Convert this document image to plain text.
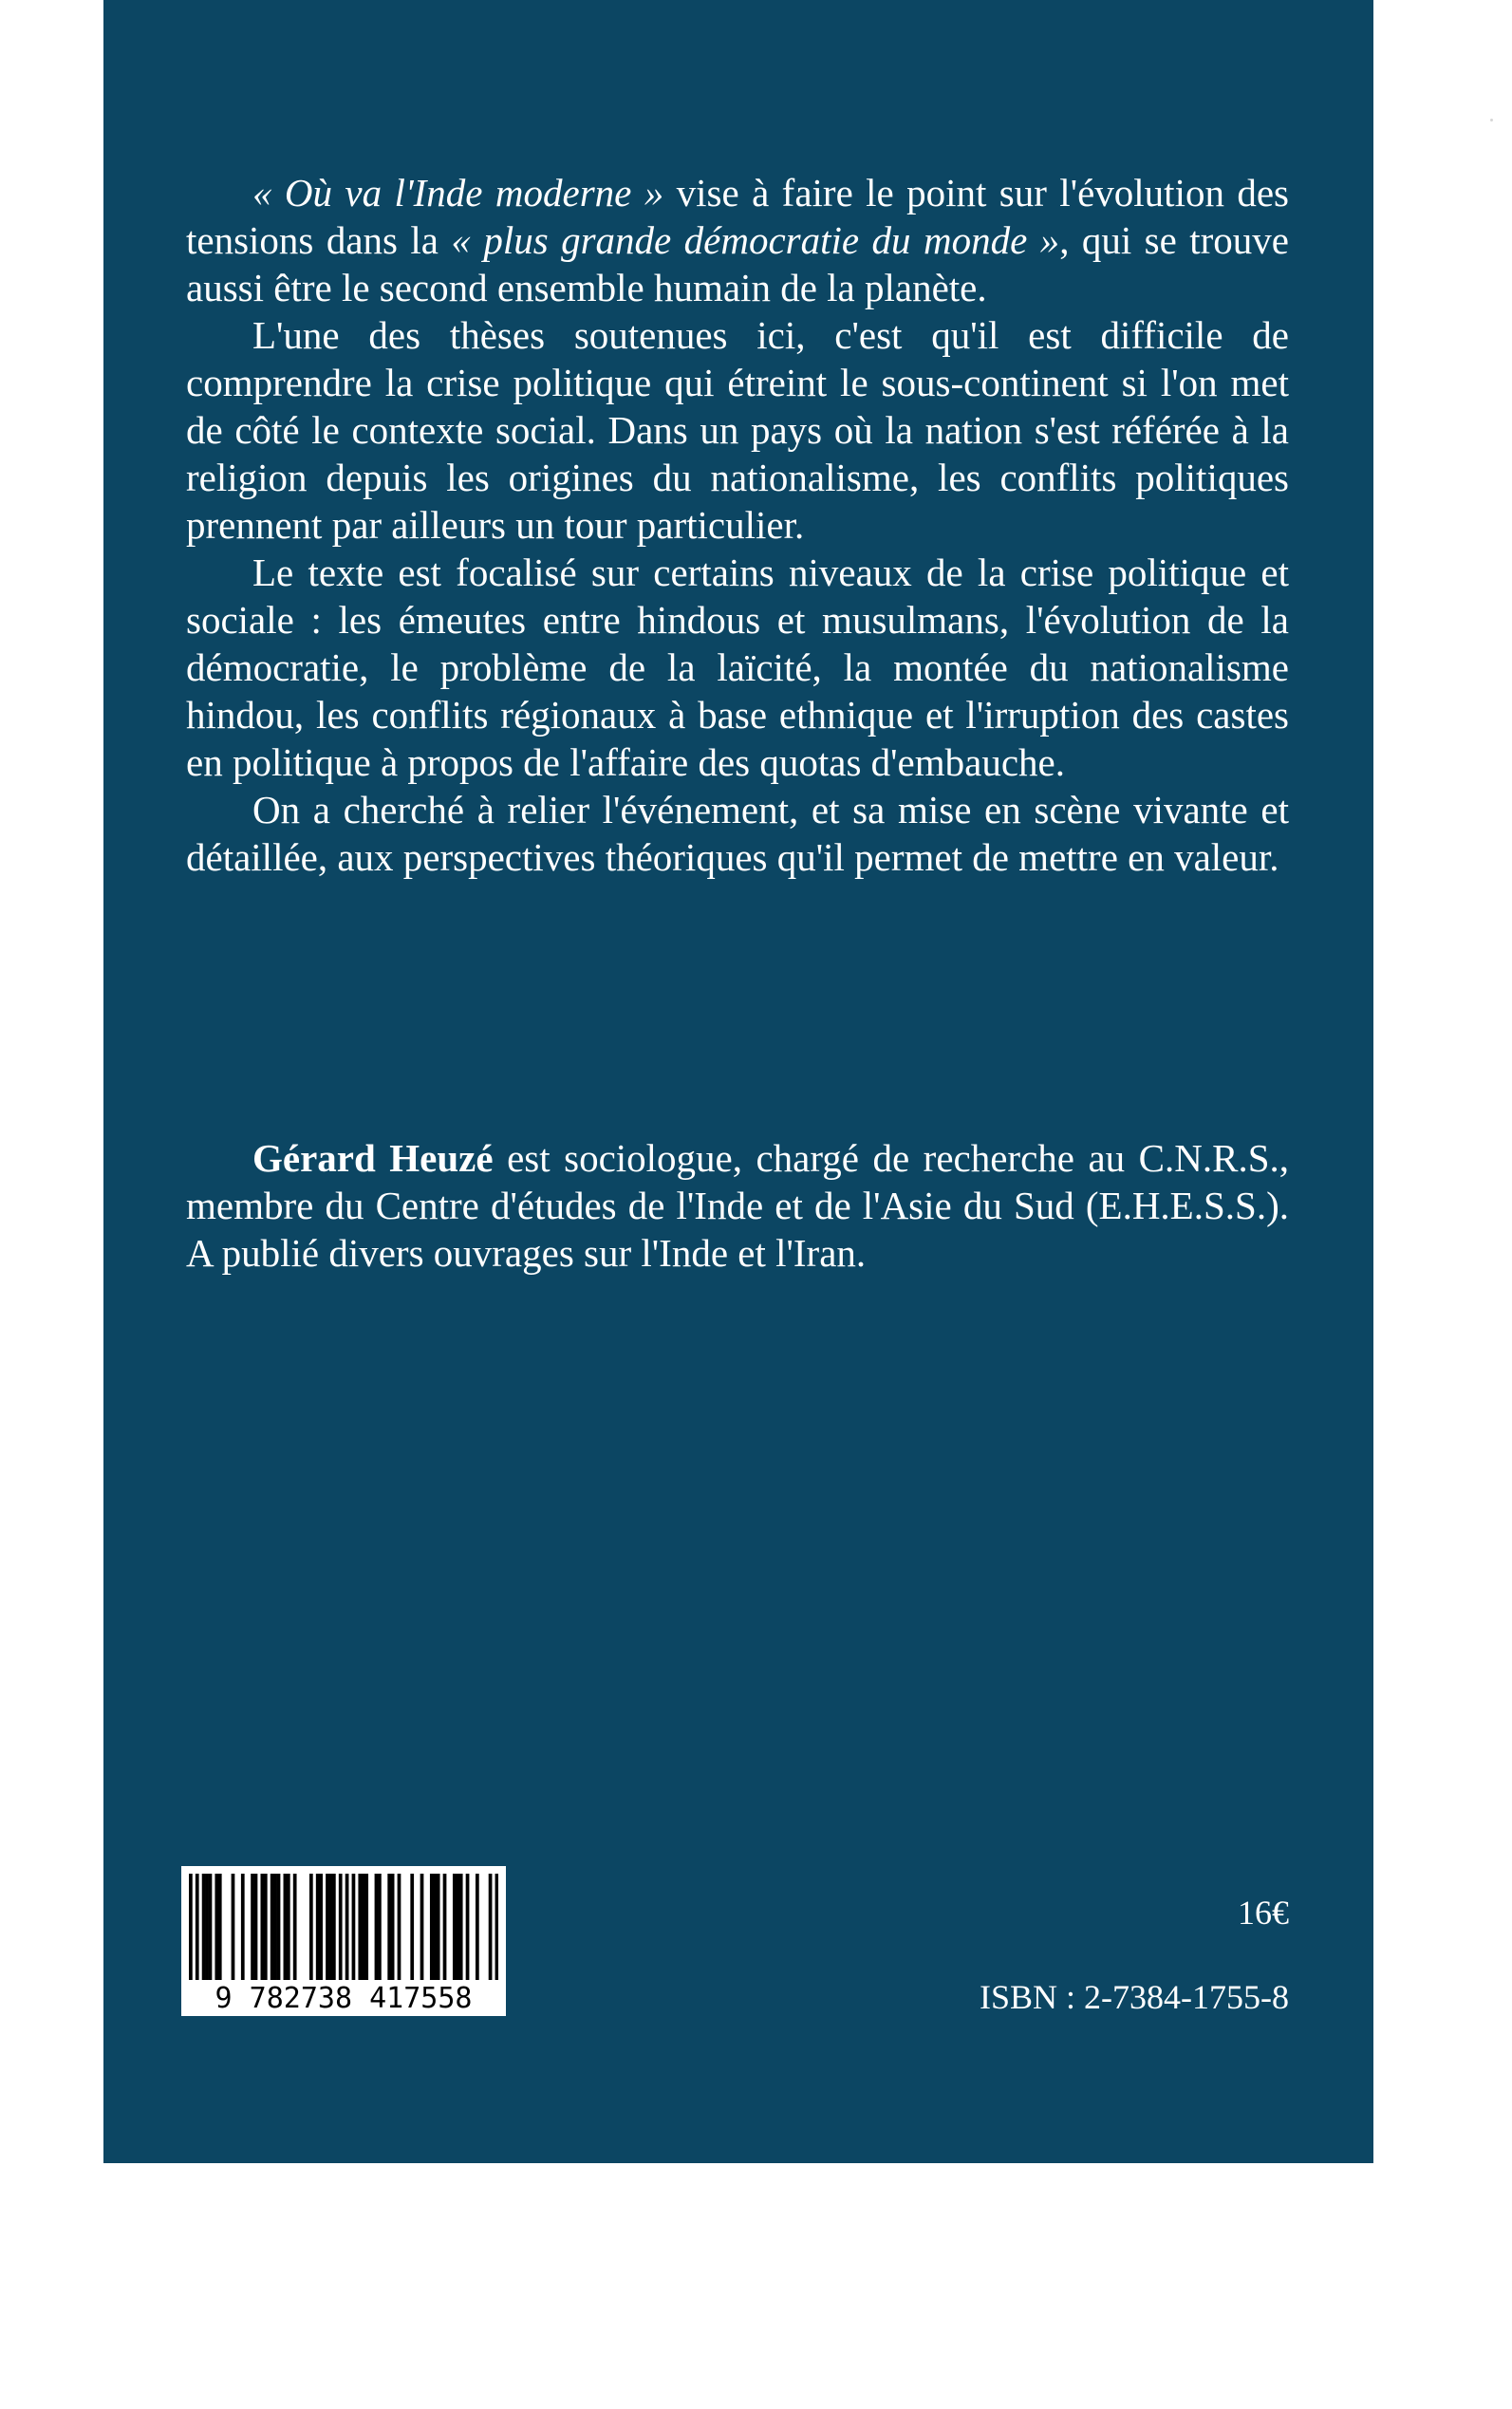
« Où va l'Inde moderne » vise à faire le point sur l'évolution des tensions dans la « plus grande démocratie du monde », qui se trouve aussi être le second ensemble humain de la planète.

L'une des thèses soutenues ici, c'est qu'il est difficile de comprendre la crise politique qui étreint le sous-continent si l'on met de côté le contexte social. Dans un pays où la nation s'est référée à la religion depuis les origines du nationalisme, les conflits politiques prennent par ailleurs un tour particulier.

Le texte est focalisé sur certains niveaux de la crise politique et sociale : les émeutes entre hindous et musulmans, l'évolution de la démocratie, le problème de la laïcité, la montée du nationalisme hindou, les conflits régionaux à base ethnique et l'irruption des castes en politique à propos de l'affaire des quotas d'embauche.

On a cherché à relier l'événement, et sa mise en scène vivante et détaillée, aux perspectives théoriques qu'il permet de mettre en valeur.

Gérard Heuzé est sociologue, chargé de recherche au C.N.R.S., membre du Centre d'études de l'Inde et de l'Asie du Sud (E.H.E.S.S.). A publié divers ouvrages sur l'Inde et l'Iran.

9 782738 417558
16€
ISBN : 2-7384-1755-8
